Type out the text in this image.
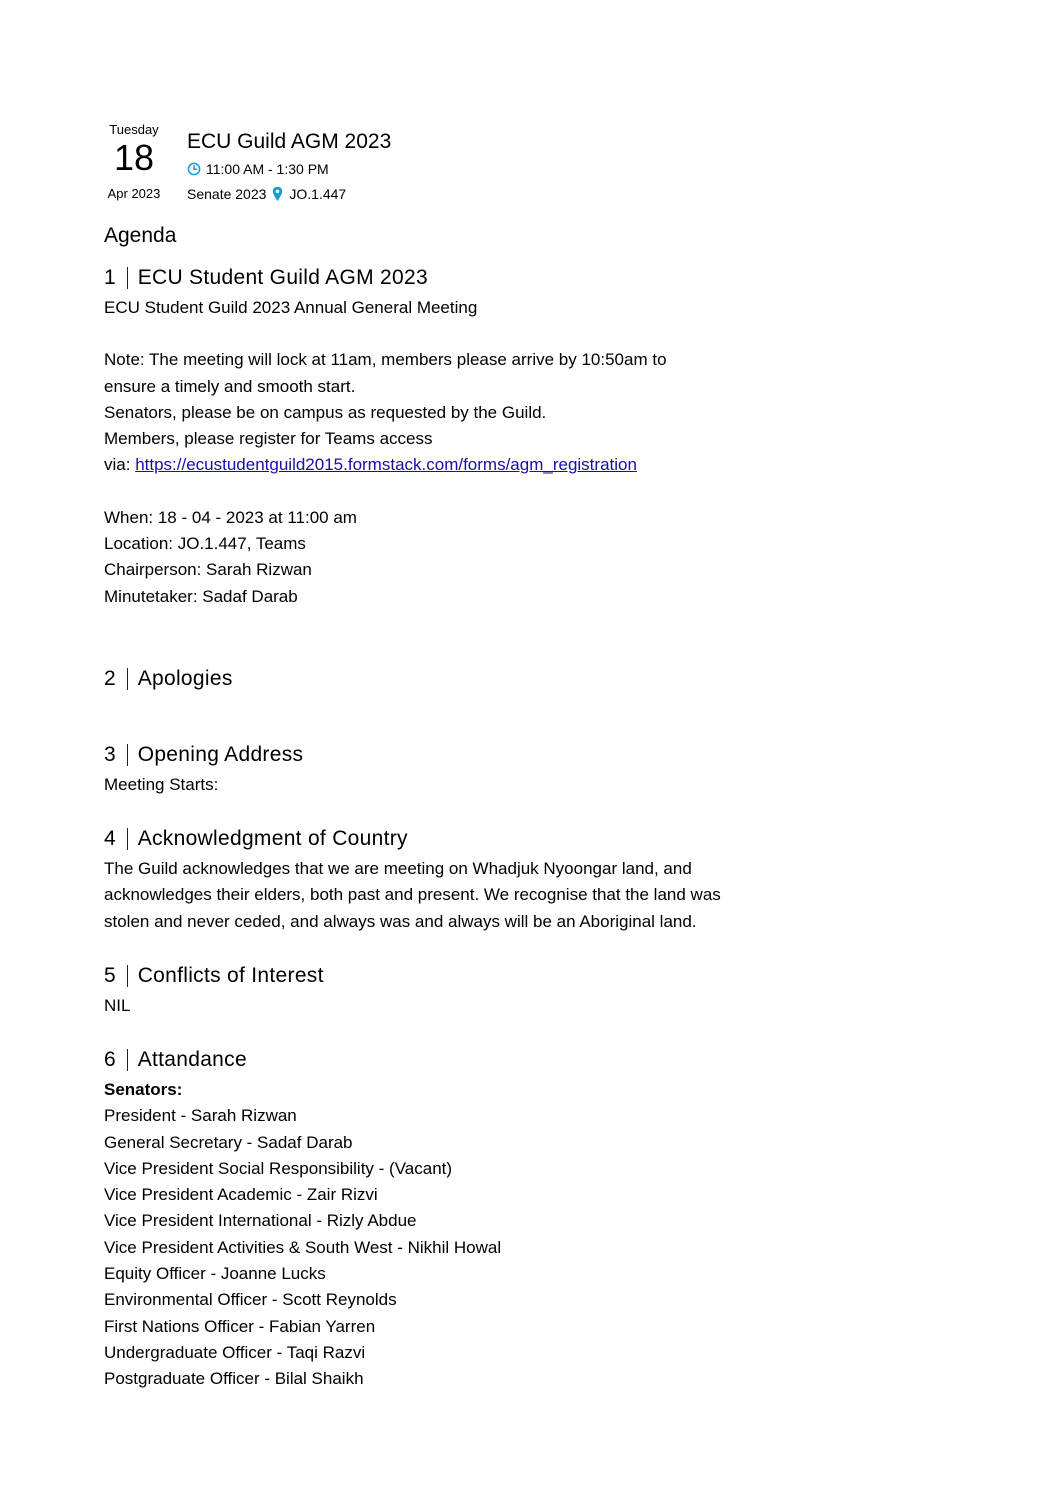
Tuesday
18
Apr 2023
ECU Guild AGM 2023
11:00 AM - 1:30 PM
Senate 2023 JO.1.447
Agenda
1 ECU Student Guild AGM 2023
ECU Student Guild 2023 Annual General Meeting
Note: The meeting will lock at 11am, members please arrive by 10:50am to
ensure a timely and smooth start.
Senators, please be on campus as requested by the Guild.
Members, please register for Teams access
via: https://ecustudentguild2015.formstack.com/forms/agm_registration
When: 18 - 04 - 2023 at 11:00 am
Location: JO.1.447, Teams
Chairperson: Sarah Rizwan
Minutetaker: Sadaf Darab
2 Apologies
3 Opening Address
Meeting Starts:
4 Acknowledgment of Country
The Guild acknowledges that we are meeting on Whadjuk Nyoongar land, and
acknowledges their elders, both past and present. We recognise that the land was
stolen and never ceded, and always was and always will be an Aboriginal land.
5 Conflicts of Interest
NIL
6 Attandance
Senators:
President - Sarah Rizwan
General Secretary - Sadaf Darab
Vice President Social Responsibility - (Vacant)
Vice President Academic - Zair Rizvi
Vice President International - Rizly Abdue
Vice President Activities & South West - Nikhil Howal
Equity Officer - Joanne Lucks
Environmental Officer - Scott Reynolds
First Nations Officer - Fabian Yarren
Undergraduate Officer - Taqi Razvi
Postgraduate Officer - Bilal Shaikh
